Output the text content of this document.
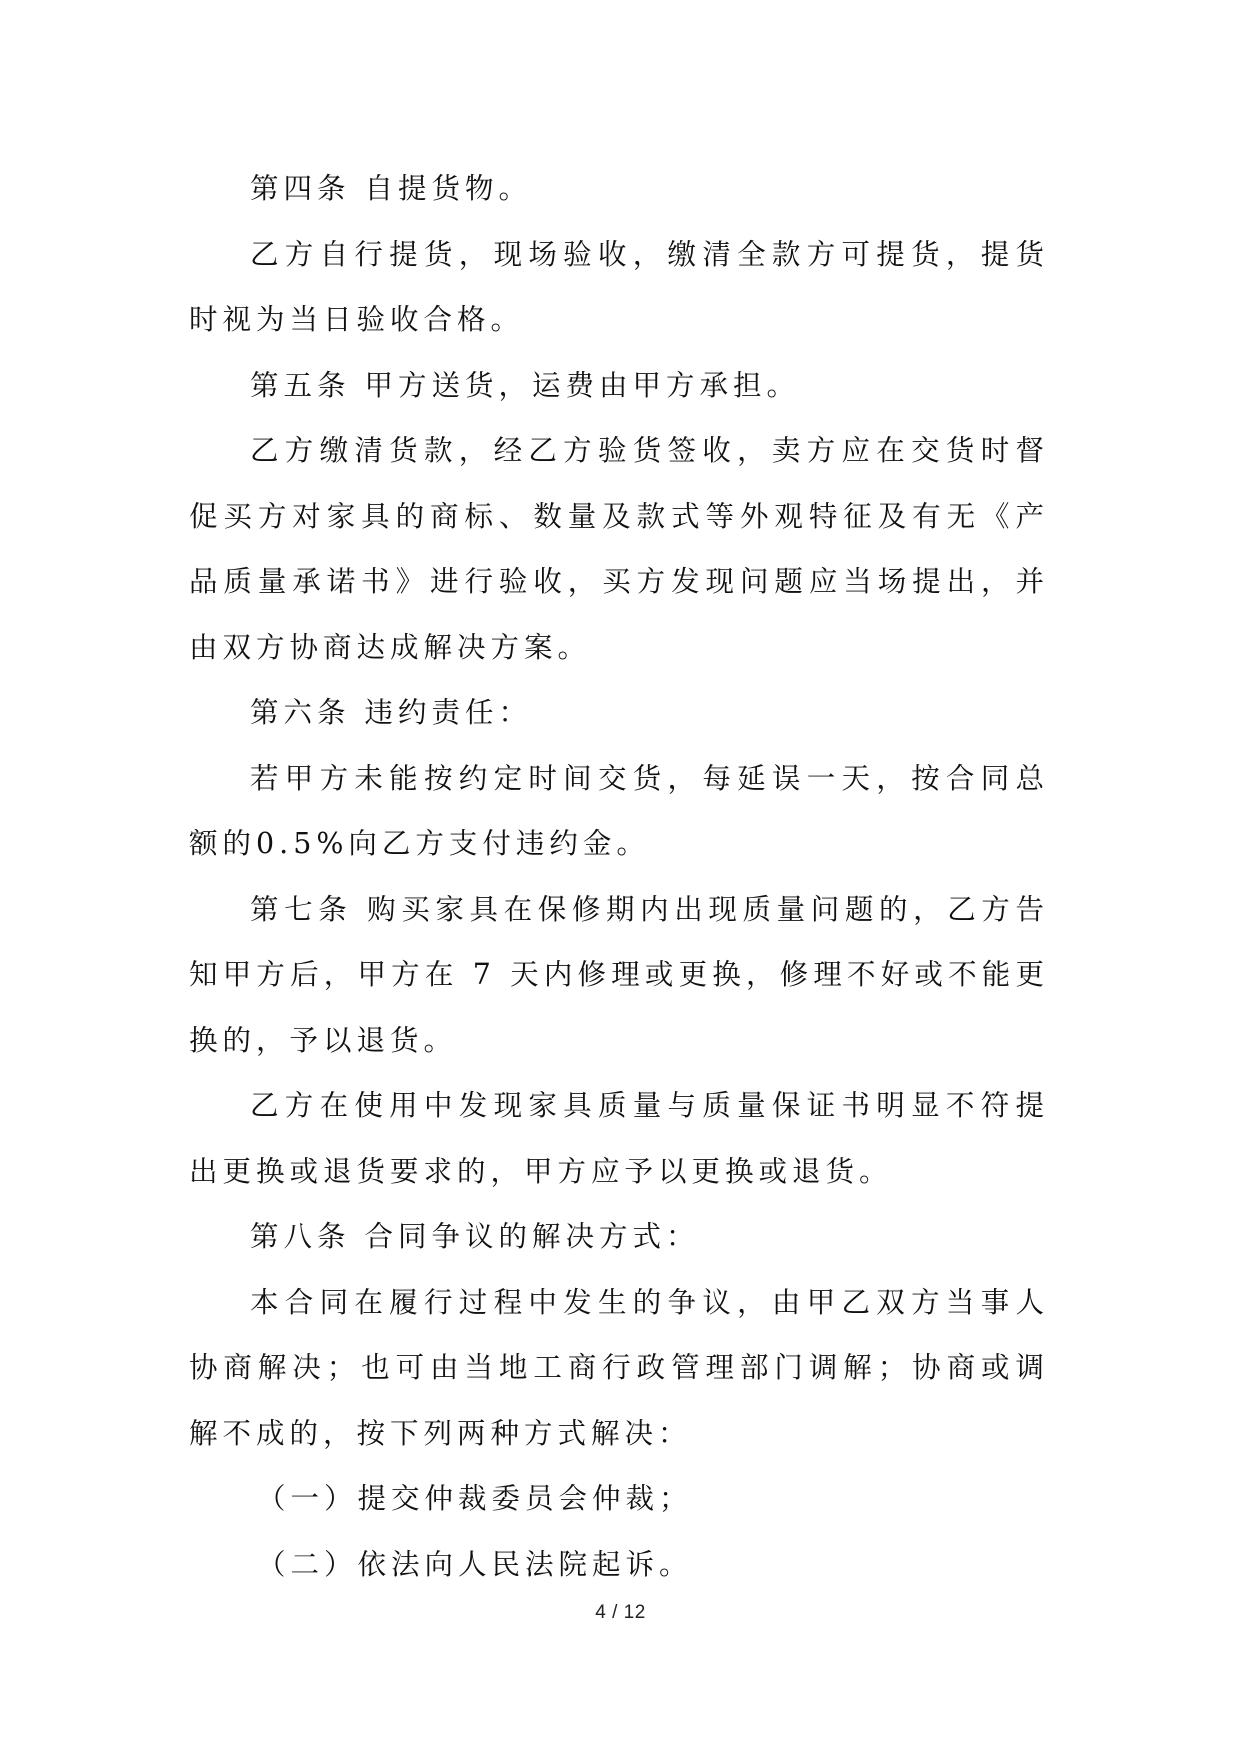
第四条 自提货物。

乙方自行提货，现场验收，缴清全款方可提货，提货时视为当日验收合格。

第五条 甲方送货，运费由甲方承担。

乙方缴清货款，经乙方验货签收，卖方应在交货时督促买方对家具的商标、数量及款式等外观特征及有无《产品质量承诺书》进行验收，买方发现问题应当场提出，并由双方协商达成解决方案。

第六条 违约责任：

若甲方未能按约定时间交货，每延误一天，按合同总额的0.5%向乙方支付违约金。

第七条 购买家具在保修期内出现质量问题的，乙方告知甲方后，甲方在 7 天内修理或更换，修理不好或不能更换的，予以退货。

乙方在使用中发现家具质量与质量保证书明显不符提出更换或退货要求的，甲方应予以更换或退货。

第八条 合同争议的解决方式：

本合同在履行过程中发生的争议，由甲乙双方当事人协商解决；也可由当地工商行政管理部门调解；协商或调解不成的，按下列两种方式解决：

（一）提交仲裁委员会仲裁；

（二）依法向人民法院起诉。

4 / 12
